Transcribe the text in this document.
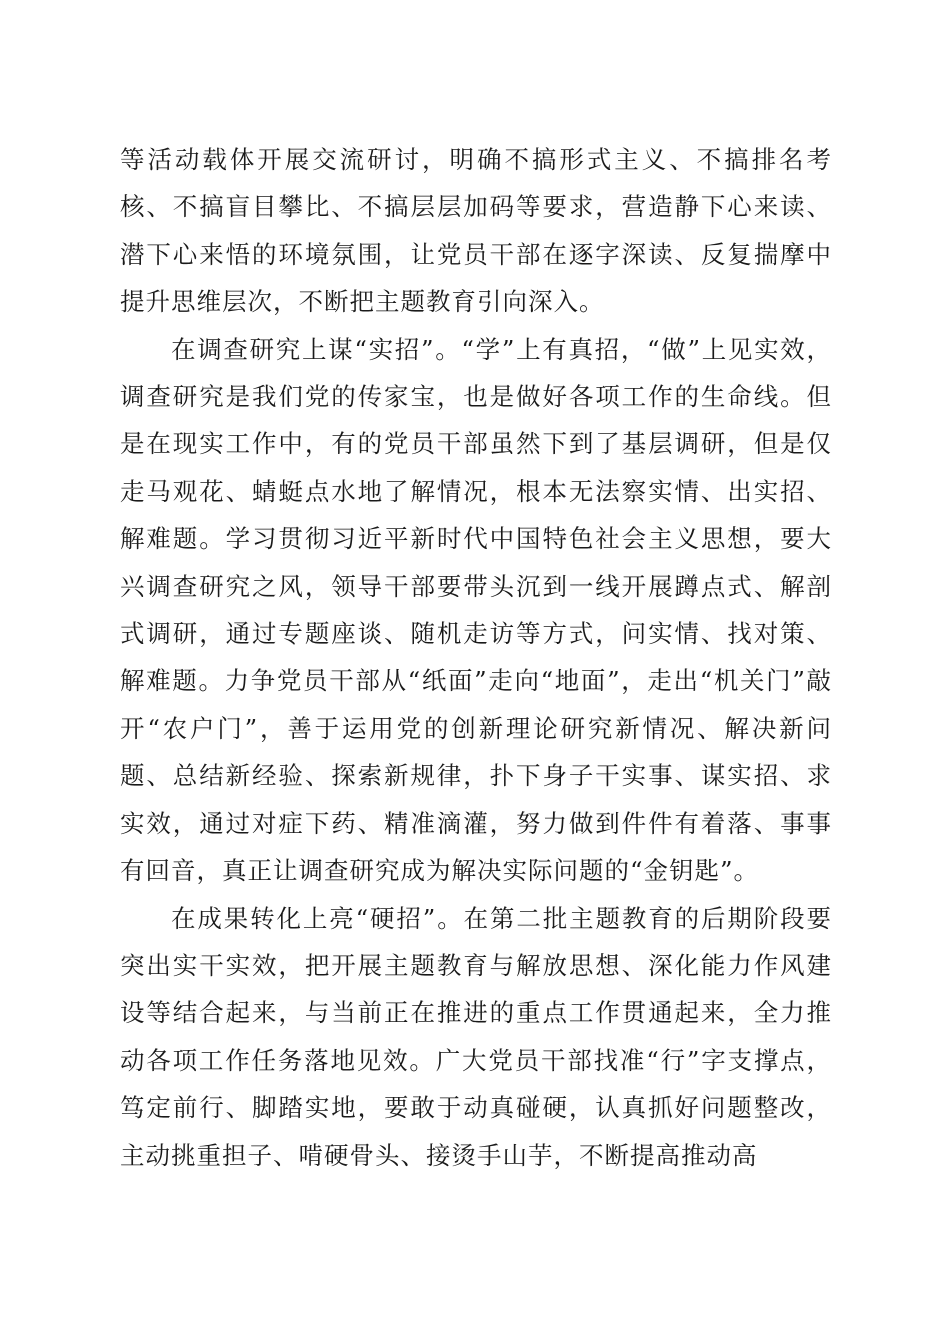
等活动载体开展交流研讨，明确不搞形式主义、不搞排名考核、不搞盲目攀比、不搞层层加码等要求，营造静下心来读、潜下心来悟的环境氛围，让党员干部在逐字深读、反复揣摩中提升思维层次，不断把主题教育引向深入。

在调查研究上谋“实招”。“学”上有真招，“做”上见实效，调查研究是我们党的传家宝，也是做好各项工作的生命线。但是在现实工作中，有的党员干部虽然下到了基层调研，但是仅走马观花、蜻蜓点水地了解情况，根本无法察实情、出实招、解难题。学习贯彻习近平新时代中国特色社会主义思想，要大兴调查研究之风，领导干部要带头沉到一线开展蹲点式、解剖式调研，通过专题座谈、随机走访等方式，问实情、找对策、解难题。力争党员干部从“纸面”走向“地面”，走出“机关门”敲开“农户门”，善于运用党的创新理论研究新情况、解决新问题、总结新经验、探索新规律，扑下身子干实事、谋实招、求实效，通过对症下药、精准滴灌，努力做到件件有着落、事事有回音，真正让调查研究成为解决实际问题的“金钥匙”。

在成果转化上亮“硬招”。在第二批主题教育的后期阶段要突出实干实效，把开展主题教育与解放思想、深化能力作风建设等结合起来，与当前正在推进的重点工作贯通起来，全力推动各项工作任务落地见效。广大党员干部找准“行”字支撑点，笃定前行、脚踏实地，要敢于动真碰硬，认真抓好问题整改，主动挑重担子、啃硬骨头、接烫手山芋，不断提高推动高
